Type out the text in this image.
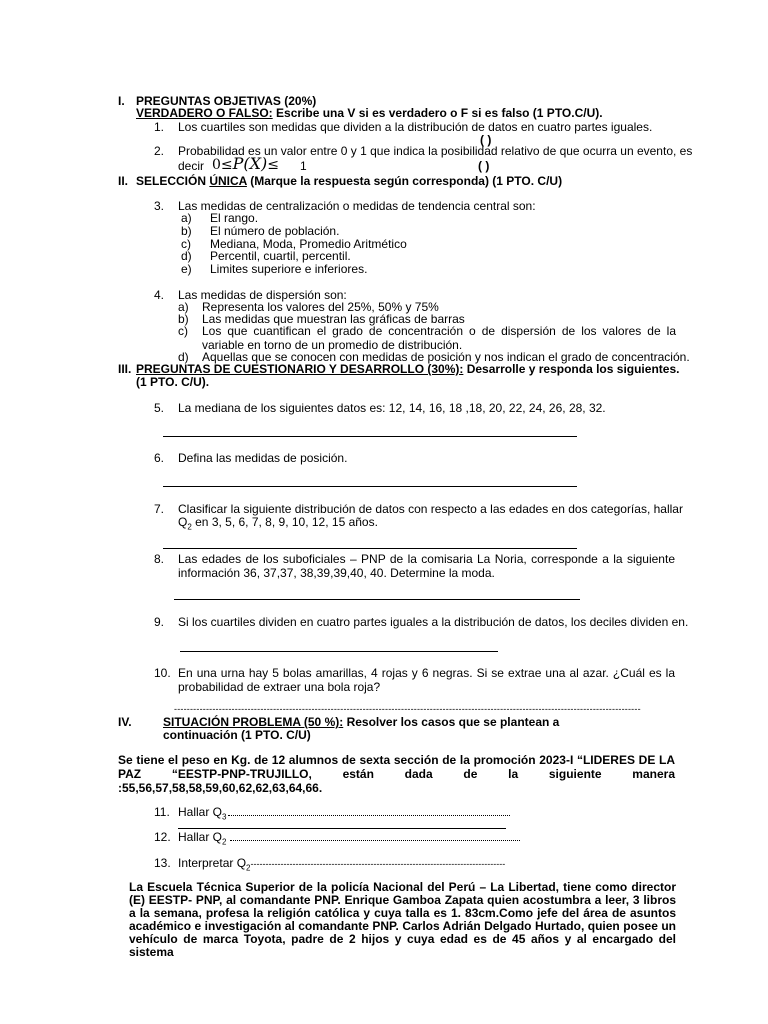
I. PREGUNTAS OBJETIVAS (20%)
VERDADERO O FALSO: Escribe una V si es verdadero o F si es falso (1 PTO.C/U).
1. Los cuartiles son medidas que dividen a la distribución de datos en cuatro partes iguales.
( )
2. Probabilidad es un valor entre 0 y 1 que indica la posibilidad relativo de que ocurra un evento, es
decir 0≤P(X)≤ 1	( )
II. SELECCIÓN ÚNICA (Marque la respuesta según corresponda) (1 PTO. C/U)
3. Las medidas de centralización o medidas de tendencia central son:
a) El rango.
b) El número de población.
c) Mediana, Moda, Promedio Aritmético
d) Percentil, cuartil, percentil.
e) Limites superiore e inferiores.
4. Las medidas de dispersión son:
a) Representa los valores del 25%, 50% y 75%
b) Las medidas que muestran las gráficas de barras
c) Los que cuantifican el grado de concentración o de dispersión de los valores de la variable en torno de un promedio de distribución.
d) Aquellas que se conocen con medidas de posición y nos indican el grado de concentración.
III. PREGUNTAS DE CUESTIONARIO Y DESARROLLO (30%): Desarrolle y responda los siguientes.
(1 PTO. C/U).
5. La mediana de los siguientes datos es: 12, 14, 16, 18 ,18, 20, 22, 24, 26, 28, 32.
6. Defina las medidas de posición.
7. Clasificar la siguiente distribución de datos con respecto a las edades en dos categorías, hallar
$Q_2$ en 3, 5, 6, 7, 8, 9, 10, 12, 15 años.
8. Las edades de los suboficiales – PNP de la comisaria La Noria, corresponde a la siguiente información 36, 37,37, 38,39,39,40, 40. Determine la moda.
9. Si los cuartiles dividen en cuatro partes iguales a la distribución de datos, los deciles dividen en.
10. En una urna hay 5 bolas amarillas, 4 rojas y 6 negras. Si se extrae una al azar. ¿Cuál es la probabilidad de extraer una bola roja?
--------------------------------------------------------------------------------------------------------------------------------------------------
IV.	SITUACIÓN PROBLEMA (50 %): Resolver los casos que se plantean a
continuación (1 PTO. C/U)
Se tiene el peso en Kg. de 12 alumnos de sexta sección de la promoción 2023-I “LIDERES DE LA PAZ “EESTP-PNP-TRUJILLO, están dada de la siguiente manera :55,56,57,58,58,59,60,62,62,63,64,66.
11. Hallar $Q_3$
12. Hallar $Q_2$
13. Interpretar $Q_2-------------------------------------------------------------------------------------$
La Escuela Técnica Superior de la policía Nacional del Perú – La Libertad, tiene como director (E) EESTP- PNP, al comandante PNP. Enrique Gamboa Zapata quien acostumbra a leer, 3 libros a la semana, profesa la religión católica y cuya talla es 1. 83cm.Como jefe del área de asuntos académico e investigación al comandante PNP. Carlos Adrián Delgado Hurtado, quien posee un vehículo de marca Toyota, padre de 2 hijos y cuya edad es de 45 años y al encargado del sistema
